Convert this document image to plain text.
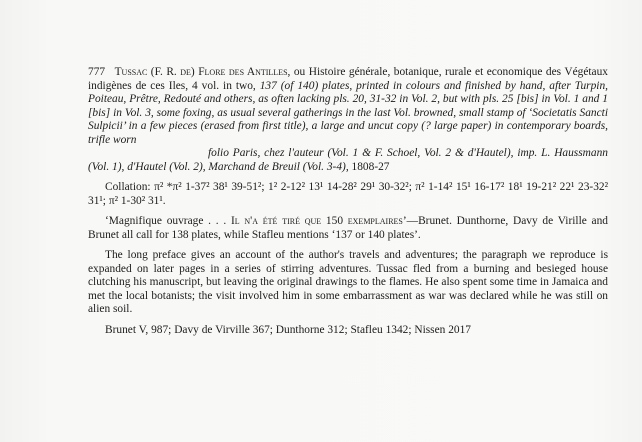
777 Tussac (F. R. de) Flore des Antilles, ou Histoire générale, botanique, rurale et economique des Végétaux indigènes de ces Iles, 4 vol. in two, 137 (of 140) plates, printed in colours and finished by hand, after Turpin, Poiteau, Prêtre, Redouté and others, as often lacking pls. 20, 31-32 in Vol. 2, but with pls. 25 [bis] in Vol. 1 and 1 [bis] in Vol. 3, some foxing, as usual several gatherings in the last Vol. browned, small stamp of ‘Societatis Sancti Sulpicii’ in a few pieces (erased from first title), a large and uncut copy (? large paper) in contemporary boards, trifle worn

folio Paris, chez l'auteur (Vol. 1 & F. Schoel, Vol. 2 & d'Hautel), imp. L. Haussmann (Vol. 1), d'Hautel (Vol. 2), Marchand de Breuil (Vol. 3-4), 1808-27

Collation: π² *π² 1-37² 38¹ 39-51²; 1² 2-12² 13¹ 14-28² 29¹ 30-32²; π² 1-14² 15¹ 16-17² 18¹ 19-21² 22¹ 23-32² 31¹; π² 1-30² 31¹.

‘Magnifique ouvrage . . . Il n'a été tiré que 150 exemplaires’—Brunet. Dunthorne, Davy de Virille and Brunet all call for 138 plates, while Stafleu mentions ‘137 or 140 plates’.

The long preface gives an account of the author's travels and adventures; the paragraph we reproduce is expanded on later pages in a series of stirring adventures. Tussac fled from a burning and besieged house clutching his manuscript, but leaving the original drawings to the flames. He also spent some time in Jamaica and met the local botanists; the visit involved him in some embarrassment as war was declared while he was still on alien soil.

Brunet V, 987; Davy de Virville 367; Dunthorne 312; Stafleu 1342; Nissen 2017
